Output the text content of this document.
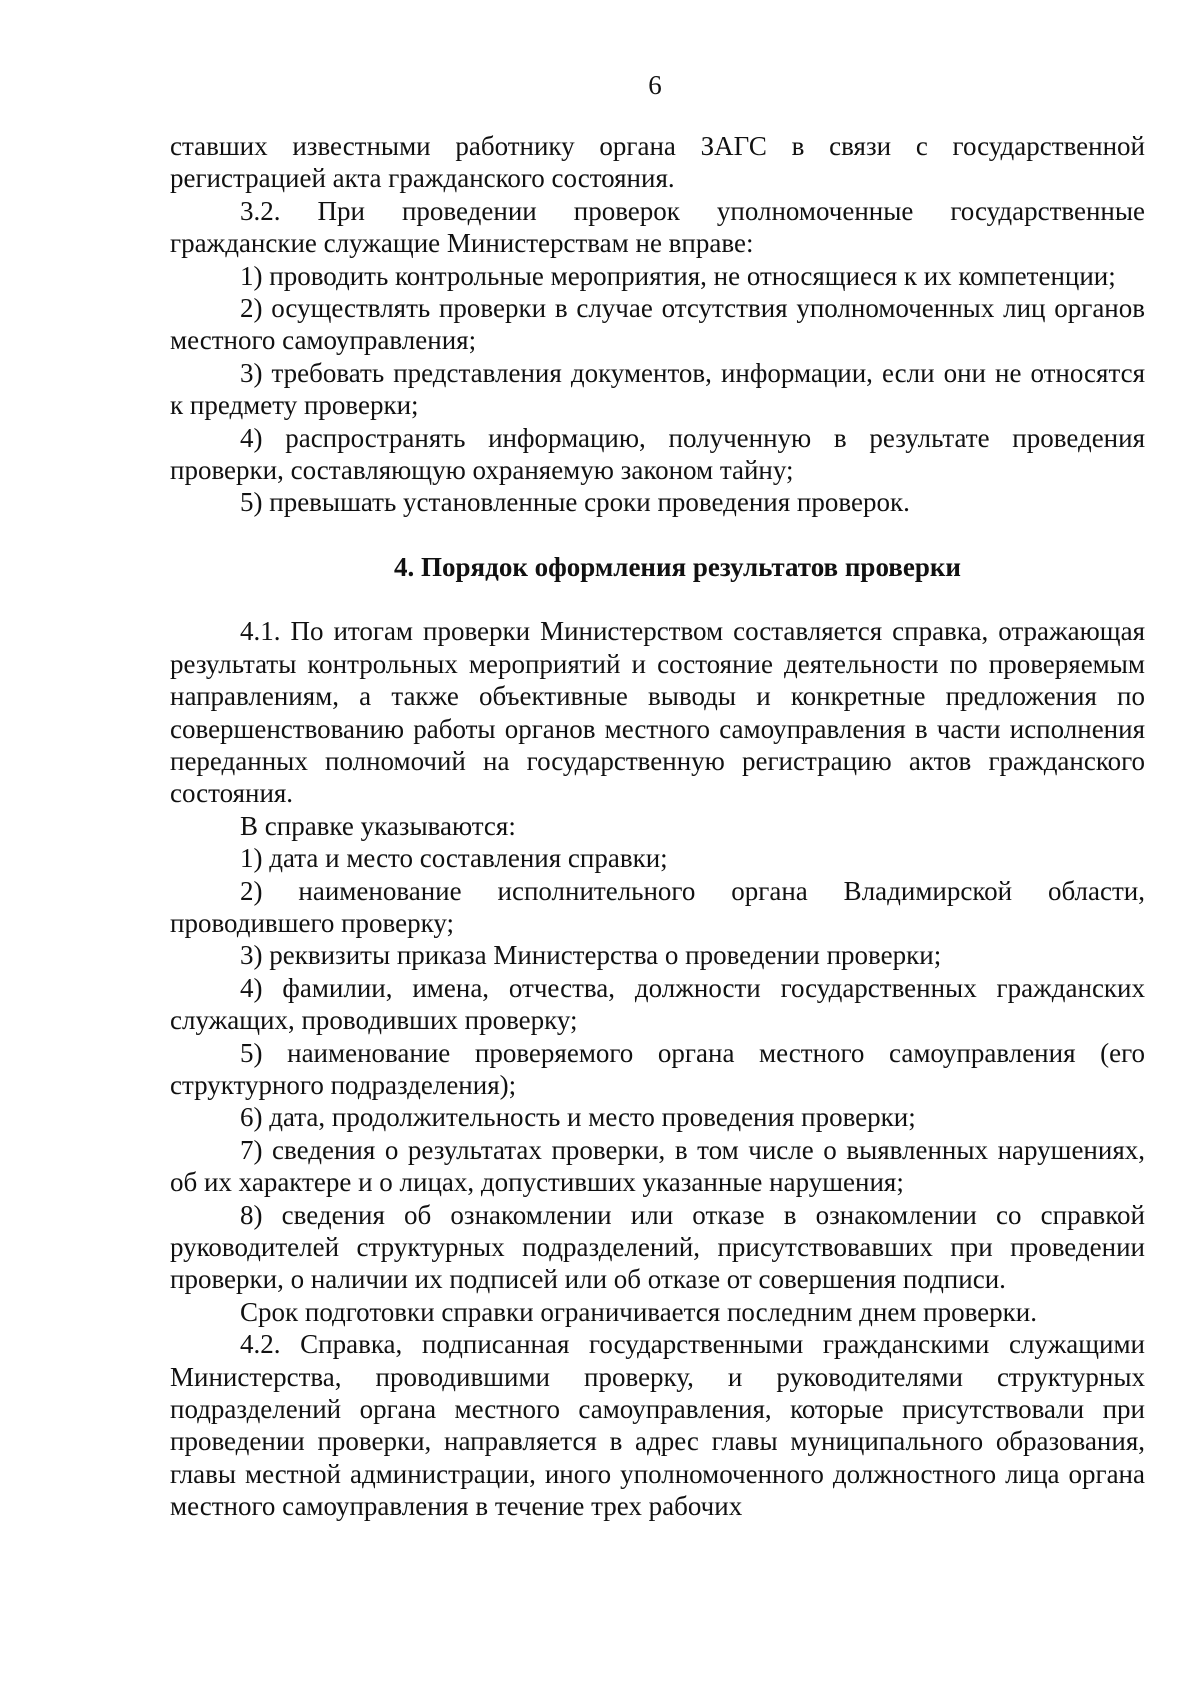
6

ставших известными работнику органа ЗАГС в связи с государственной регистрацией акта гражданского состояния.

3.2. При проведении проверок уполномоченные государственные гражданские служащие Министерствам не вправе:

1) проводить контрольные мероприятия, не относящиеся к их компетенции;

2) осуществлять проверки в случае отсутствия уполномоченных лиц органов местного самоуправления;

3) требовать представления документов, информации, если они не относятся к предмету проверки;

4) распространять информацию, полученную в результате проведения проверки, составляющую охраняемую законом тайну;

5) превышать установленные сроки проведения проверок.

4. Порядок оформления результатов проверки

4.1. По итогам проверки Министерством составляется справка, отражающая результаты контрольных мероприятий и состояние деятельности по проверяемым направлениям, а также объективные выводы и конкретные предложения по совершенствованию работы органов местного самоуправления в части исполнения переданных полномочий на государственную регистрацию актов гражданского состояния.

В справке указываются:

1) дата и место составления справки;

2) наименование исполнительного органа Владимирской области, проводившего проверку;

3) реквизиты приказа Министерства о проведении проверки;

4) фамилии, имена, отчества, должности государственных гражданских служащих, проводивших проверку;

5) наименование проверяемого органа местного самоуправления (его структурного подразделения);

6) дата, продолжительность и место проведения проверки;

7) сведения о результатах проверки, в том числе о выявленных нарушениях, об их характере и о лицах, допустивших указанные нарушения;

8) сведения об ознакомлении или отказе в ознакомлении со справкой руководителей структурных подразделений, присутствовавших при проведении проверки, о наличии их подписей или об отказе от совершения подписи.

Срок подготовки справки ограничивается последним днем проверки.

4.2. Справка, подписанная государственными гражданскими служащими Министерства, проводившими проверку, и руководителями структурных подразделений органа местного самоуправления, которые присутствовали при проведении проверки, направляется в адрес главы муниципального образования, главы местной администрации, иного уполномоченного должностного лица органа местного самоуправления в течение трех рабочих
